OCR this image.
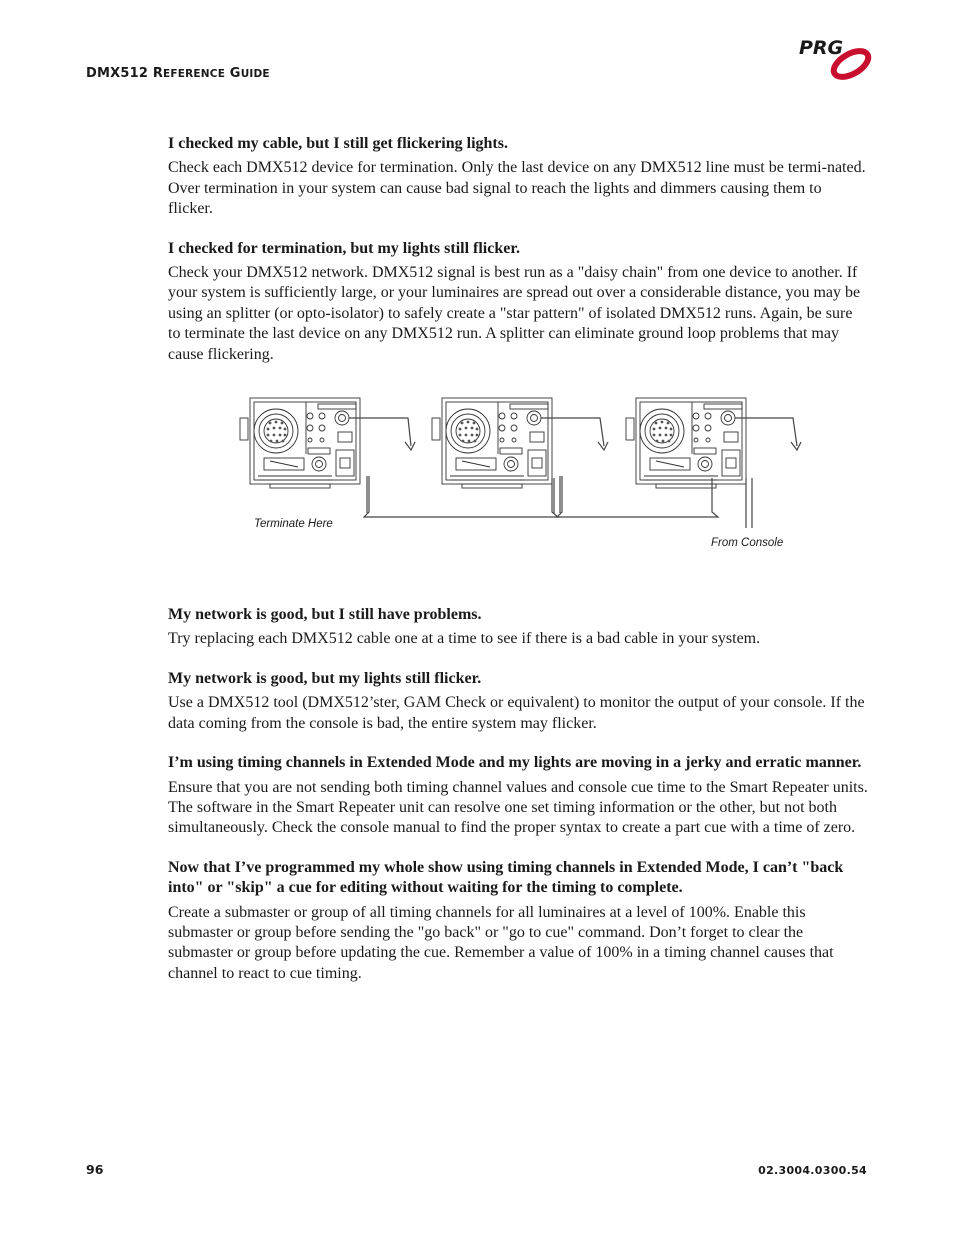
DMX512 REFERENCE GUIDE
PRG
I checked my cable, but I still get flickering lights.

Check each DMX512 device for termination. Only the last device on any DMX512 line must be termi-nated. Over termination in your system can cause bad signal to reach the lights and dimmers causing them to flicker.

I checked for termination, but my lights still flicker.

Check your DMX512 network. DMX512 signal is best run as a "daisy chain" from one device to another. If your system is sufficiently large, or your luminaires are spread out over a considerable distance, you may be using an splitter (or opto-isolator) to safely create a "star pattern" of isolated DMX512 runs. Again, be sure to terminate the last device on any DMX512 run. A splitter can eliminate ground loop problems that may cause flickering.

Terminate Here
From Console
My network is good, but I still have problems.

Try replacing each DMX512 cable one at a time to see if there is a bad cable in your system.

My network is good, but my lights still flicker.

Use a DMX512 tool (DMX512’ster, GAM Check or equivalent) to monitor the output of your console. If the data coming from the console is bad, the entire system may flicker.

I’m using timing channels in Extended Mode and my lights are moving in a jerky and erratic manner.

Ensure that you are not sending both timing channel values and console cue time to the Smart Repeater units. The software in the Smart Repeater unit can resolve one set timing information or the other, but not both simultaneously. Check the console manual to find the proper syntax to create a part cue with a time of zero.

Now that I’ve programmed my whole show using timing channels in Extended Mode, I can’t "back into" or "skip" a cue for editing without waiting for the timing to complete.

Create a submaster or group of all timing channels for all luminaires at a level of 100%. Enable this submaster or group before sending the "go back" or "go to cue" command. Don’t forget to clear the submaster or group before updating the cue. Remember a value of 100% in a timing channel causes that channel to react to cue timing.

96	02.3004.0300.54
